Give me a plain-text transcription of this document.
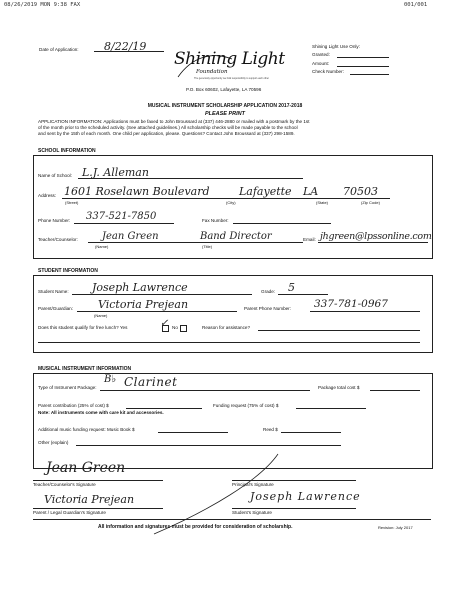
08/26/2019 MON 9:38 FAX	001/001
Date of Application: 8/22/19
Shining Light
Foundation
The generosity opportunity we hold responsibility to support each other
P.O. Box 60602, Lafayette, LA 70596
Shining Light Use Only:
Granted:
Amount:
Check Number:
MUSICAL INSTRUMENT SCHOLARSHIP APPLICATION 2017-2018
PLEASE PRINT
APPLICATION INFORMATION: Applications must be faxed to John Broussard at (337) 446-2880 or mailed with a postmark by the 1st
of the month prior to the scheduled activity. (See attached guidelines.) All scholarship checks will be made payable to the school
and sent by the 15th of each month. One child per application, please. Questions? Contact John Broussard at (337) 298-1589.
SCHOOL INFORMATION
Name of School: L.J. Alleman
Address: 1601 Roselawn Boulevard	Lafayette LA 70503
(Street)	(City)	(State)	(Zip Code)
Phone Number: 337-521-7850	Fax Number:
Teacher/Counselor: Jean Green	Band Director	Email: jhgreen@lpssonline.com
(Name)	(Title)
STUDENT INFORMATION
Student Name: Joseph Lawrence	Grade: 5
Parent/Guardian: Victoria Prejean
(Name)
Parent Phone Number: 337-781-0967
Does this student qualify for free lunch? Yes	✓ No	Reason for assistance?
MUSICAL INSTRUMENT INFORMATION
Type of Instrument Package:
B♭ Clarinet	Package total cost $
Parent contribution (25% of cost) $	Funding request (75% of cost) $
Note: All instruments come with care kit and accessories.
Additional music funding request: Music Book $	Reed $
Other (explain)
Jean Green
Teacher/Counselor's Signature	Principal's Signature
Victoria Prejean
Parent / Legal Guardian's Signature
Joseph Lawrence
Student's Signature
All information and signatures must be provided for consideration of scholarship.	Revision: July 2017
